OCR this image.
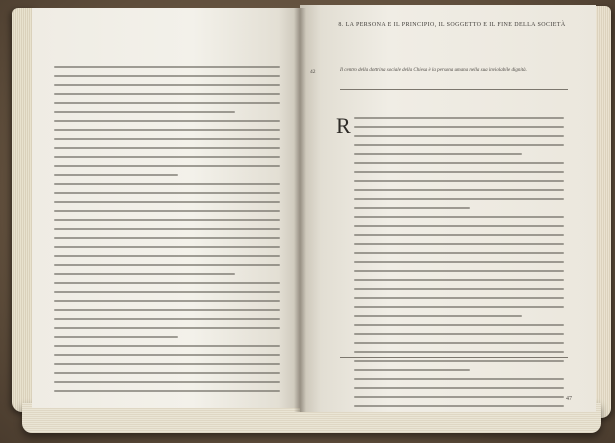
8. LA PERSONA E IL PRINCIPIO, IL SOGGETTO E IL FINE DELLA SOCIETÀ
42	Il centro della dottrina sociale della Chiesa è la persona umana nella sua inviolabile dignità.
R
47
